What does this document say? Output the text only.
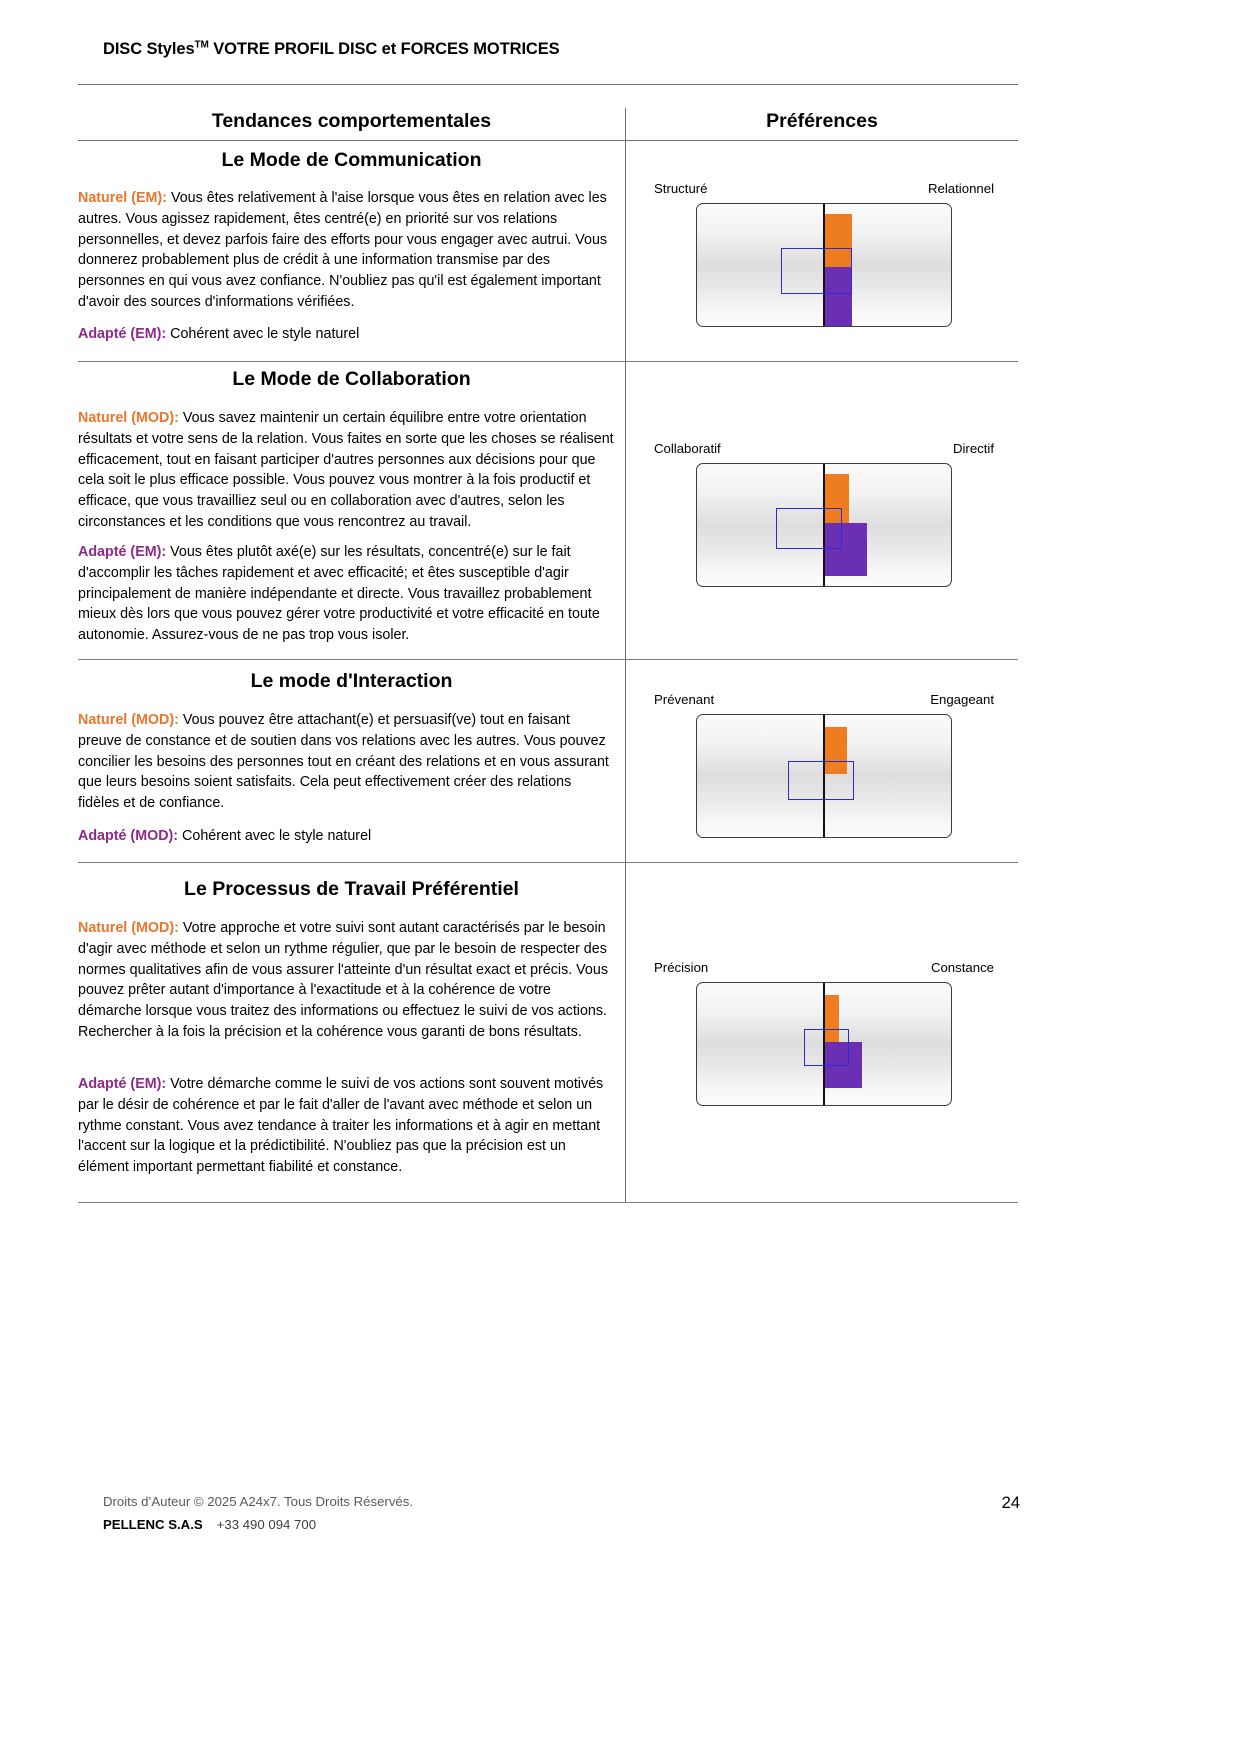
DISC Styles™ VOTRE PROFIL DISC et FORCES MOTRICES
Tendances comportementales	Préférences
Le Mode de Communication
Naturel (EM): Vous êtes relativement à l'aise lorsque vous êtes en relation avec les autres. Vous agissez rapidement, êtes centré(e) en priorité sur vos relations personnelles, et devez parfois faire des efforts pour vous engager avec autrui. Vous donnerez probablement plus de crédit à une information transmise par des personnes en qui vous avez confiance. N'oubliez pas qu'il est également important d'avoir des sources d'informations vérifiées.
Adapté (EM): Cohérent avec le style naturel
Structuré	Relationnel
Le Mode de Collaboration
Naturel (MOD): Vous savez maintenir un certain équilibre entre votre orientation résultats et votre sens de la relation. Vous faites en sorte que les choses se réalisent efficacement, tout en faisant participer d'autres personnes aux décisions pour que cela soit le plus efficace possible. Vous pouvez vous montrer à la fois productif et efficace, que vous travailliez seul ou en collaboration avec d'autres, selon les circonstances et les conditions que vous rencontrez au travail.
Adapté (EM): Vous êtes plutôt axé(e) sur les résultats, concentré(e) sur le fait d'accomplir les tâches rapidement et avec efficacité; et êtes susceptible d'agir principalement de manière indépendante et directe. Vous travaillez probablement mieux dès lors que vous pouvez gérer votre productivité et votre efficacité en toute autonomie. Assurez-vous de ne pas trop vous isoler.
Collaboratif	Directif
Le mode d'Interaction
Naturel (MOD): Vous pouvez être attachant(e) et persuasif(ve) tout en faisant preuve de constance et de soutien dans vos relations avec les autres. Vous pouvez concilier les besoins des personnes tout en créant des relations et en vous assurant que leurs besoins soient satisfaits. Cela peut effectivement créer des relations fidèles et de confiance.
Adapté (MOD): Cohérent avec le style naturel
Prévenant	Engageant
Le Processus de Travail Préférentiel
Naturel (MOD): Votre approche et votre suivi sont autant caractérisés par le besoin d'agir avec méthode et selon un rythme régulier, que par le besoin de respecter des normes qualitatives afin de vous assurer l'atteinte d'un résultat exact et précis. Vous pouvez prêter autant d'importance à l'exactitude et à la cohérence de votre démarche lorsque vous traitez des informations ou effectuez le suivi de vos actions. Rechercher à la fois la précision et la cohérence vous garanti de bons résultats.
Adapté (EM): Votre démarche comme le suivi de vos actions sont souvent motivés par le désir de cohérence et par le fait d'aller de l'avant avec méthode et selon un rythme constant. Vous avez tendance à traiter les informations et à agir en mettant l'accent sur la logique et la prédictibilité. N'oubliez pas que la précision est un élément important permettant fiabilité et constance.
Précision	Constance
Droits d’Auteur © 2025 A24x7. Tous Droits Réservés.
PELLENC S.A.S +33 490 094 700
24
